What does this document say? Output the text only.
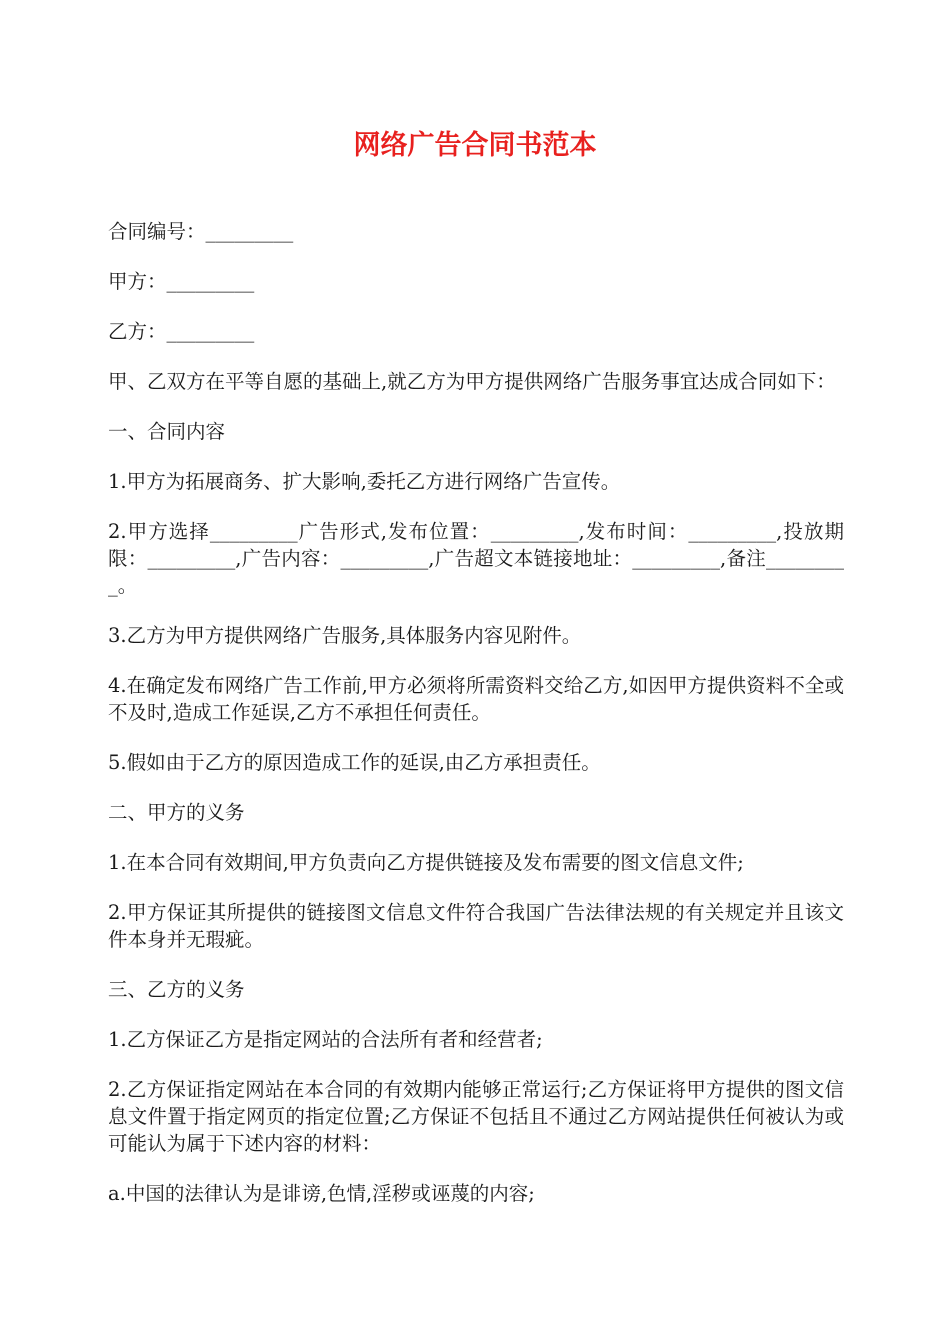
网络广告合同书范本

合同编号：_________

甲方：_________

乙方：_________

甲、乙双方在平等自愿的基础上,就乙方为甲方提供网络广告服务事宜达成合同如下：

一、合同内容

1.甲方为拓展商务、扩大影响,委托乙方进行网络广告宣传。

2.甲方选择_________广告形式,发布位置：_________,发布时间：_________,投放期限：_________,广告内容：_________,广告超文本链接地址：_________,备注_________。

3.乙方为甲方提供网络广告服务,具体服务内容见附件。

4.在确定发布网络广告工作前,甲方必须将所需资料交给乙方,如因甲方提供资料不全或不及时,造成工作延误,乙方不承担任何责任。

5.假如由于乙方的原因造成工作的延误,由乙方承担责任。

二、甲方的义务

1.在本合同有效期间,甲方负责向乙方提供链接及发布需要的图文信息文件;

2.甲方保证其所提供的链接图文信息文件符合我国广告法律法规的有关规定并且该文件本身并无瑕疵。

三、乙方的义务

1.乙方保证乙方是指定网站的合法所有者和经营者;

2.乙方保证指定网站在本合同的有效期内能够正常运行;乙方保证将甲方提供的图文信息文件置于指定网页的指定位置;乙方保证不包括且不通过乙方网站提供任何被认为或可能认为属于下述内容的材料：

a.中国的法律认为是诽谤,色情,淫秽或诬蔑的内容;
